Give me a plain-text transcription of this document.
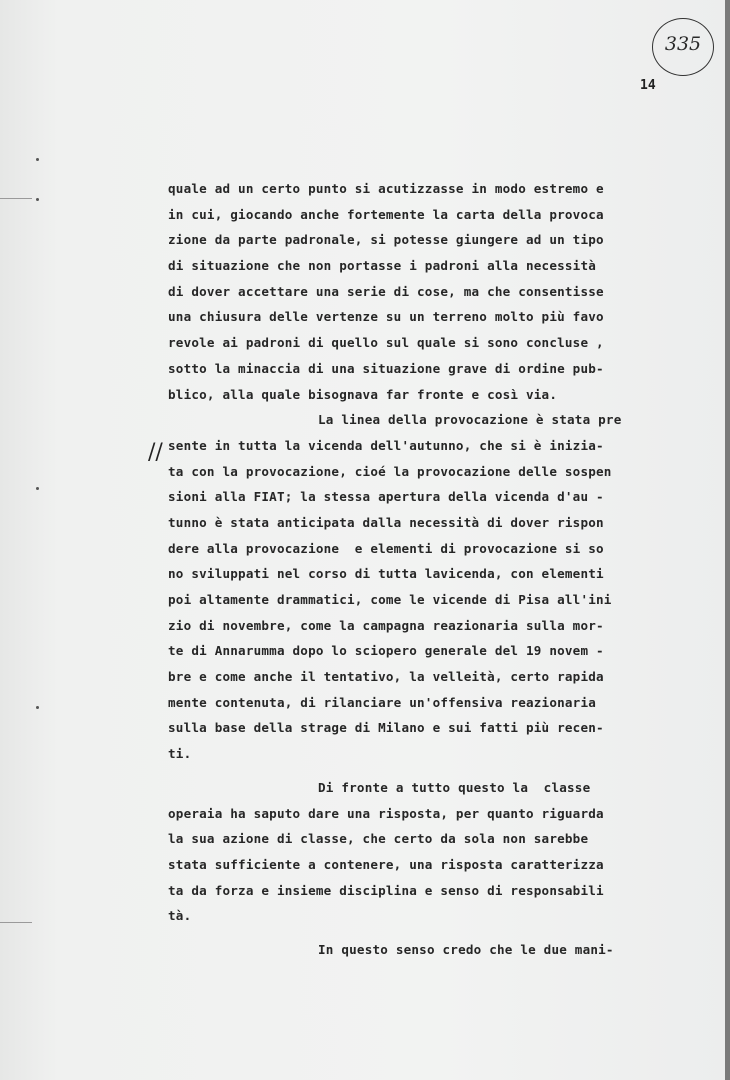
335
14
//
quale ad un certo punto si acutizzasse in modo estremo e
in cui, giocando anche fortemente la carta della provoca
zione da parte padronale, si potesse giungere ad un tipo
di situazione che non portasse i padroni alla necessità
di dover accettare una serie di cose, ma che consentisse
una chiusura delle vertenze su un terreno molto più favo
revole ai padroni di quello sul quale si sono concluse ,
sotto la minaccia di una situazione grave di ordine pub-
blico, alla quale bisognava far fronte e così via.
La linea della provocazione è stata pre
sente in tutta la vicenda dell'autunno, che si è inizia-
ta con la provocazione, cioé la provocazione delle sospen
sioni alla FIAT; la stessa apertura della vicenda d'au -
tunno è stata anticipata dalla necessità di dover rispon
dere alla provocazione  e elementi di provocazione si so
no sviluppati nel corso di tutta lavicenda, con elementi
poi altamente drammatici, come le vicende di Pisa all'ini
zio di novembre, come la campagna reazionaria sulla mor-
te di Annarumma dopo lo sciopero generale del 19 novem -
bre e come anche il tentativo, la velleità, certo rapida
mente contenuta, di rilanciare un'offensiva reazionaria
sulla base della strage di Milano e sui fatti più recen-
ti.
Di fronte a tutto questo la  classe
operaia ha saputo dare una risposta, per quanto riguarda
la sua azione di classe, che certo da sola non sarebbe
stata sufficiente a contenere, una risposta caratterizza
ta da forza e insieme disciplina e senso di responsabili
tà.
In questo senso credo che le due mani-
